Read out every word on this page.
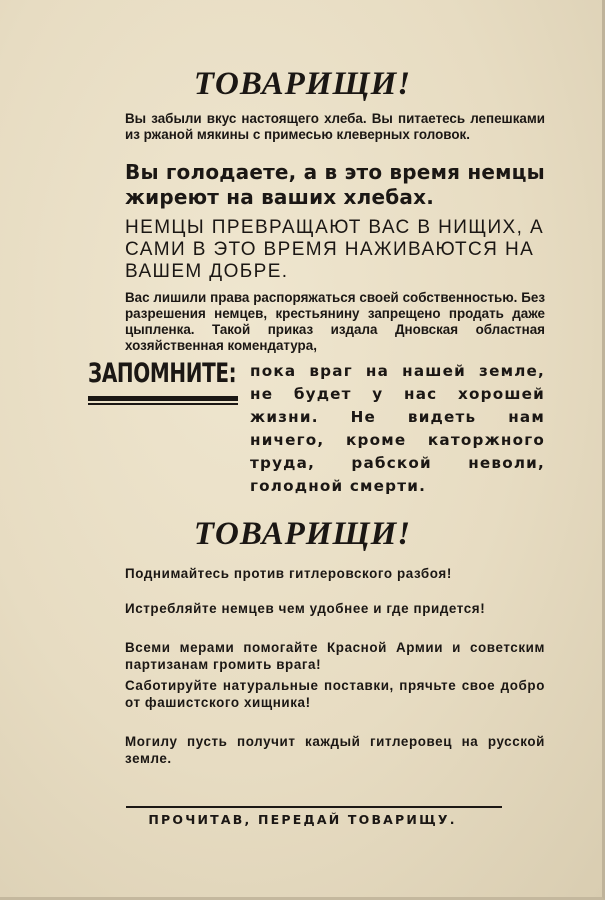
ТОВАРИЩИ!

Вы забыли вкус настоящего хлеба. Вы питаетесь лепешками из ржаной мякины с примесью клеверных головок.

Вы голодаете, а в это время немцы жиреют на ваших хлебах.

НЕМЦЫ ПРЕВРАЩАЮТ ВАС В НИЩИХ, А САМИ В ЭТО ВРЕМЯ НАЖИВАЮТСЯ НА ВАШЕМ ДОБРЕ.

Вас лишили права распоряжаться своей собственностью. Без разрешения немцев, крестьянину запрещено продать даже цыпленка. Такой приказ издала Дновская областная хозяйственная комендатура,

ЗАПОМНИТЕ: пока враг на нашей земле, не будет у нас хорошей жизни. Не видеть нам ничего, кроме каторжного труда, рабской неволи, голодной смерти.

ТОВАРИЩИ!

Поднимайтесь против гитлеровского разбоя!

Истребляйте немцев чем удобнее и где придется!

Всеми мерами помогайте Красной Армии и советским партизанам громить врага!

Саботируйте натуральные поставки, прячьте свое добро от фашистского хищника!

Могилу пусть получит каждый гитлеровец на русской земле.

ПРОЧИТАВ, ПЕРЕДАЙ ТОВАРИЩУ.
